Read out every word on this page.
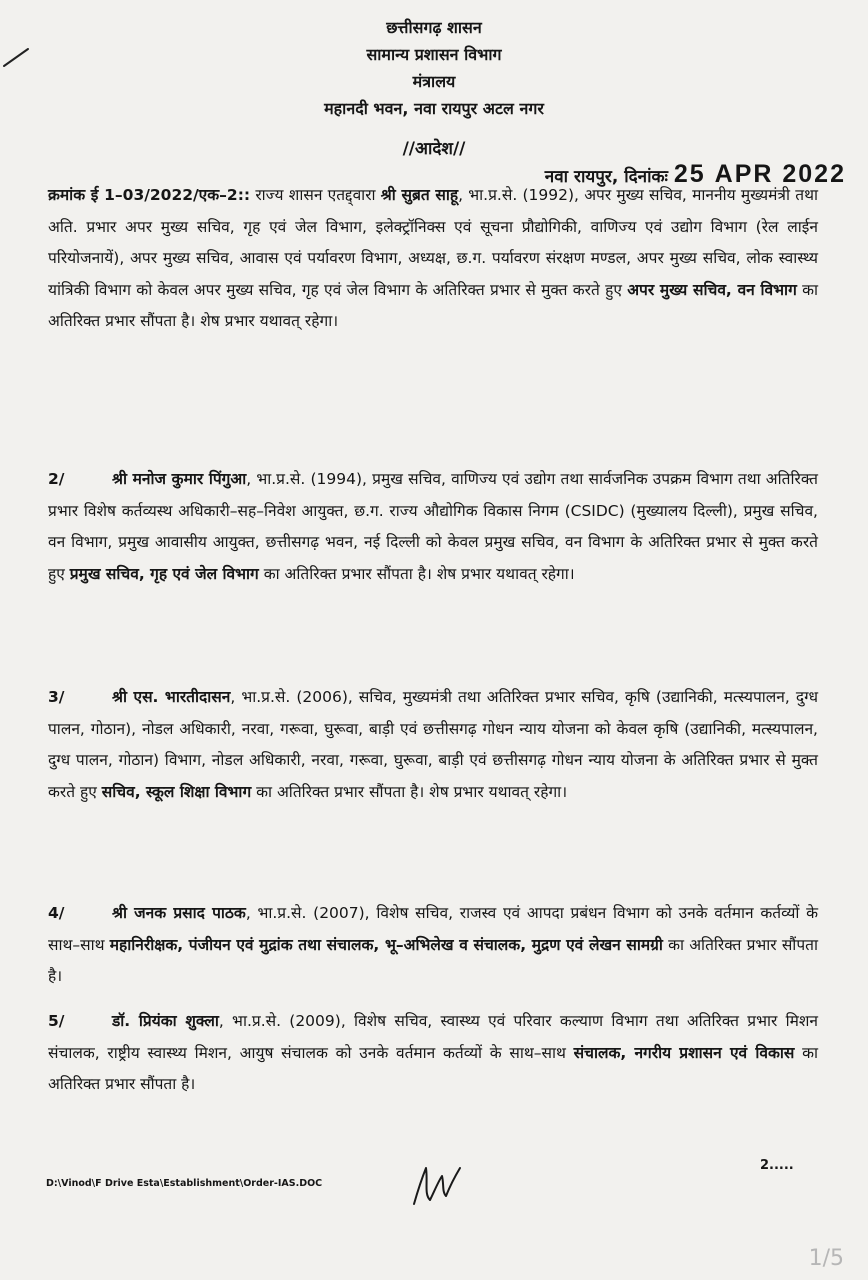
छत्तीसगढ़ शासन
सामान्य प्रशासन विभाग
मंत्रालय
महानदी भवन, नवा रायपुर अटल नगर
//आदेश//
नवा रायपुर, दिनांकः 25 APR 2022

क्रमांक ई 1–03/2022/एक–2:: राज्य शासन एतद्द्वारा श्री सुब्रत साहू, भा.प्र.से. (1992), अपर मुख्य सचिव, माननीय मुख्यमंत्री तथा अति. प्रभार अपर मुख्य सचिव, गृह एवं जेल विभाग, इलेक्ट्रॉनिक्स एवं सूचना प्रौद्योगिकी, वाणिज्य एवं उद्योग विभाग (रेल लाईन परियोजनायें), अपर मुख्य सचिव, आवास एवं पर्यावरण विभाग, अध्यक्ष, छ.ग. पर्यावरण संरक्षण मण्डल, अपर मुख्य सचिव, लोक स्वास्थ्य यांत्रिकी विभाग को केवल अपर मुख्य सचिव, गृह एवं जेल विभाग के अतिरिक्त प्रभार से मुक्त करते हुए अपर मुख्य सचिव, वन विभाग का अतिरिक्त प्रभार सौंपता है। शेष प्रभार यथावत् रहेगा।

2/	श्री मनोज कुमार पिंगुआ, भा.प्र.से. (1994), प्रमुख सचिव, वाणिज्य एवं उद्योग तथा सार्वजनिक उपक्रम विभाग तथा अतिरिक्त प्रभार विशेष कर्तव्यस्थ अधिकारी–सह–निवेश आयुक्त, छ.ग. राज्य औद्योगिक विकास निगम (CSIDC) (मुख्यालय दिल्ली), प्रमुख सचिव, वन विभाग, प्रमुख आवासीय आयुक्त, छत्तीसगढ़ भवन, नई दिल्ली को केवल प्रमुख सचिव, वन विभाग के अतिरिक्त प्रभार से मुक्त करते हुए प्रमुख सचिव, गृह एवं जेल विभाग का अतिरिक्त प्रभार सौंपता है। शेष प्रभार यथावत् रहेगा।

3/	श्री एस. भारतीदासन, भा.प्र.से. (2006), सचिव, मुख्यमंत्री तथा अतिरिक्त प्रभार सचिव, कृषि (उद्यानिकी, मत्स्यपालन, दुग्ध पालन, गोठान), नोडल अधिकारी, नरवा, गरूवा, घुरूवा, बाड़ी एवं छत्तीसगढ़ गोधन न्याय योजना को केवल कृषि (उद्यानिकी, मत्स्यपालन, दुग्ध पालन, गोठान) विभाग, नोडल अधिकारी, नरवा, गरूवा, घुरूवा, बाड़ी एवं छत्तीसगढ़ गोधन न्याय योजना के अतिरिक्त प्रभार से मुक्त करते हुए सचिव, स्कूल शिक्षा विभाग का अतिरिक्त प्रभार सौंपता है। शेष प्रभार यथावत् रहेगा।

4/	श्री जनक प्रसाद पाठक, भा.प्र.से. (2007), विशेष सचिव, राजस्व एवं आपदा प्रबंधन विभाग को उनके वर्तमान कर्तव्यों के साथ–साथ महानिरीक्षक, पंजीयन एवं मुद्रांक तथा संचालक, भू–अभिलेख व संचालक, मुद्रण एवं लेखन सामग्री का अतिरिक्त प्रभार सौंपता है।

5/	डॉ. प्रियंका शुक्ला, भा.प्र.से. (2009), विशेष सचिव, स्वास्थ्य एवं परिवार कल्याण विभाग तथा अतिरिक्त प्रभार मिशन संचालक, राष्ट्रीय स्वास्थ्य मिशन, आयुष संचालक को उनके वर्तमान कर्तव्यों के साथ–साथ संचालक, नगरीय प्रशासन एवं विकास का अतिरिक्त प्रभार सौंपता है।

D:\Vinod\F Drive Esta\Establishment\Order-IAS.DOC
2.....
1/5
